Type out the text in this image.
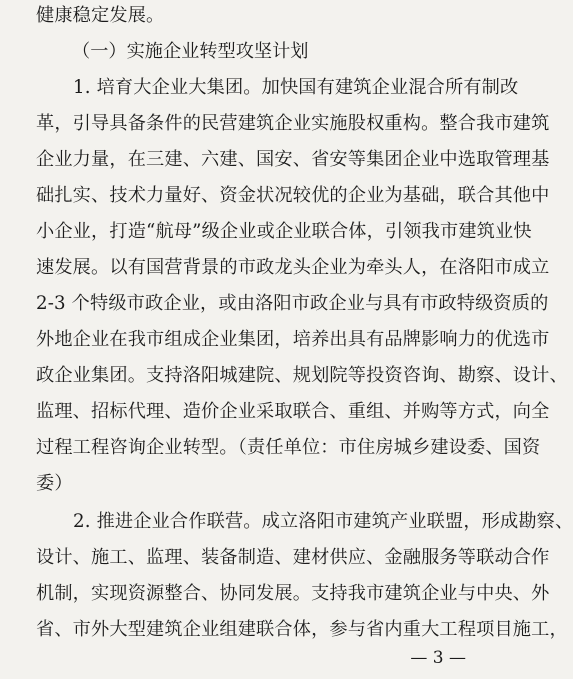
健康稳定发展。
（一）实施企业转型攻坚计划
1. 培育大企业大集团。加快国有建筑企业混合所有制改
革，引导具备条件的民营建筑企业实施股权重构。整合我市建筑
企业力量，在三建、六建、国安、省安等集团企业中选取管理基
础扎实、技术力量好、资金状况较优的企业为基础，联合其他中
小企业，打造“航母”级企业或企业联合体，引领我市建筑业快
速发展。以有国营背景的市政龙头企业为牵头人，在洛阳市成立
2-3 个特级市政企业，或由洛阳市政企业与具有市政特级资质的
外地企业在我市组成企业集团，培养出具有品牌影响力的优选市
政企业集团。支持洛阳城建院、规划院等投资咨询、勘察、设计、
监理、招标代理、造价企业采取联合、重组、并购等方式，向全
过程工程咨询企业转型。（责任单位：市住房城乡建设委、国资
委）
2. 推进企业合作联营。成立洛阳市建筑产业联盟，形成勘察、
设计、施工、监理、装备制造、建材供应、金融服务等联动合作
机制，实现资源整合、协同发展。支持我市建筑企业与中央、外
省、市外大型建筑企业组建联合体，参与省内重大工程项目施工，
— 3 —
